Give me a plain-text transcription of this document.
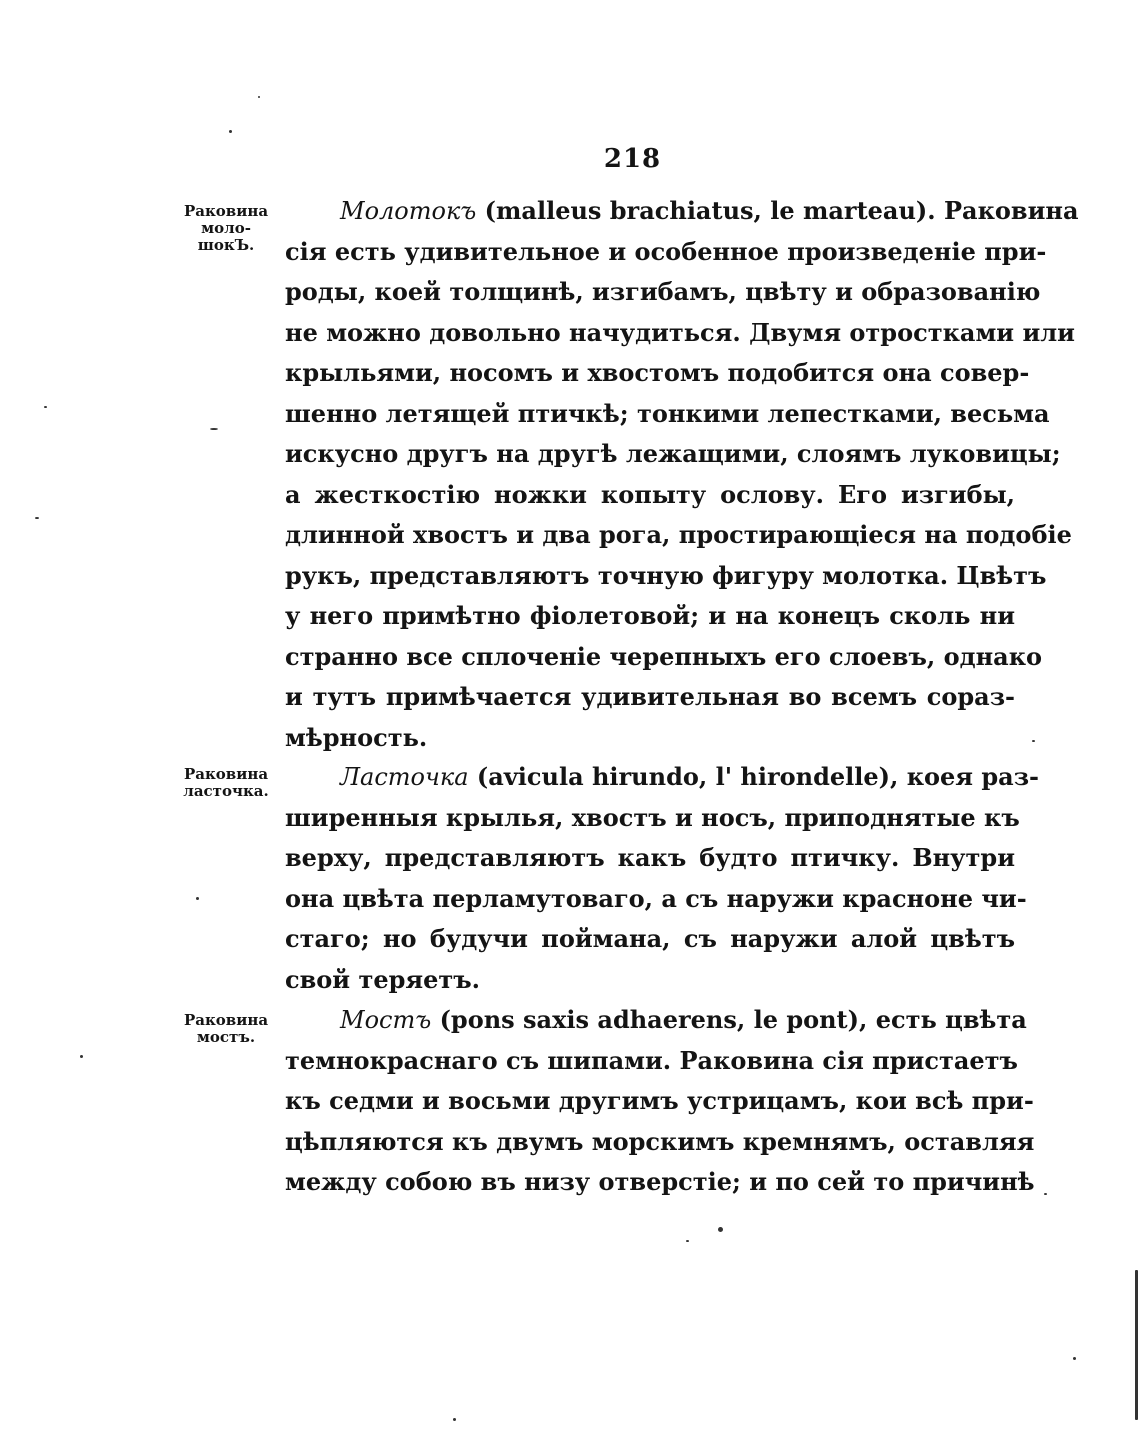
218
Раковина
моло-
шокЪ.
Молотокъ (malleus brachiatus, le marteau). Раковина
сія есть удивительное и особенное произведеніе при-
роды, коей толщинѣ, изгибамъ, цвѣту и образованію
не можно довольно начудиться. Двумя отростками или
крыльями, носомъ и хвостомъ подобится она совер-
шенно летящей птичкѣ; тонкими лепестками, весьма
искусно другъ на другѣ лежащими, слоямъ луковицы;
а жесткостію ножки копыту ослову. Его изгибы,
длинной хвостъ и два рога, простирающіеся на подобіе
рукъ, представляютъ точную фигуру молотка. Цвѣтъ
у него примѣтно фіолетовой; и на конецъ сколь ни
странно все сплоченіе черепныхъ его слоевъ, однако
и тутъ примѣчается удивительная во всемъ сораз-
мѣрность.
Раковина
ласточка.	Ласточка (avicula hirundo, l' hirondelle), коея раз-
ширенныя крылья, хвостъ и носъ, приподнятые къ
верху, представляютъ какъ будто птичку. Внутри
она цвѣта перламутоваго, а съ наружи красноне чи-
стаго; но будучи поймана, съ наружи алой цвѣтъ
свой теряетъ.
Раковина
мостъ.
Мостъ (pons saxis adhaerens, le pont), есть цвѣта
темнокраснаго съ шипами. Раковина сія пристаетъ
къ седми и восьми другимъ устрицамъ, кои всѣ при-
цѣпляются къ двумъ морскимъ кремнямъ, оставляя
между собою въ низу отверстіе; и по сей то причинѣ
